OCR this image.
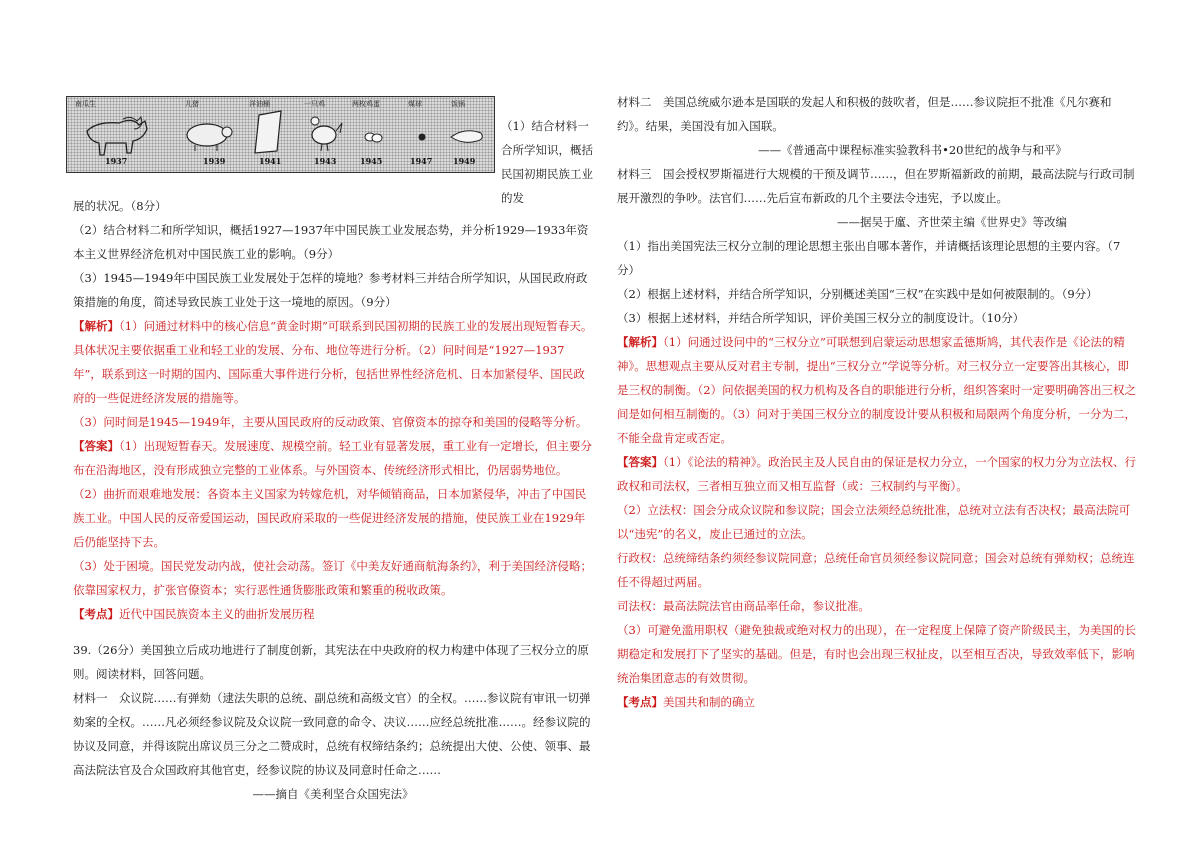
南瓜生
1937
儿猪
1939
洋油桶
1941
一只鸡
1943
两枚鸡蛋
1945
煤球
1947
饭锅
1949

（1）结合材料一合所学知识，概括民国初期民族工业的发

展的状况。（8分）

（2）结合材料二和所学知识，概括1927—1937年中国民族工业发展态势，并分析1929—1933年资本主义世界经济危机对中国民族工业的影响。（9分）

（3）1945—1949年中国民族工业发展处于怎样的境地？参考材料三并结合所学知识，从国民政府政策措施的角度，简述导致民族工业处于这一境地的原因。（9分）

【解析】（1）问通过材料中的核心信息“黄金时期”可联系到民国初期的民族工业的发展出现短暂春天。具体状况主要依据重工业和轻工业的发展、分布、地位等进行分析。（2）问时间是“1927—1937年”，联系到这一时期的国内、国际重大事件进行分析，包括世界性经济危机、日本加紧侵华、国民政府的一些促进经济发展的措施等。

（3）问时间是1945—1949年，主要从国民政府的反动政策、官僚资本的掠夺和美国的侵略等分析。

【答案】（1）出现短暂春天。发展速度、规模空前。轻工业有显著发展，重工业有一定增长，但主要分布在沿海地区，没有形成独立完整的工业体系。与外国资本、传统经济形式相比，仍居弱势地位。

（2）曲折而艰难地发展：各资本主义国家为转嫁危机，对华倾销商品，日本加紧侵华，冲击了中国民族工业。中国人民的反帝爱国运动，国民政府采取的一些促进经济发展的措施，使民族工业在1929年后仍能坚持下去。

（3）处于困境。国民党发动内战，使社会动荡。签订《中美友好通商航海条约》，利于美国经济侵略；依靠国家权力，扩张官僚资本；实行恶性通货膨胀政策和繁重的税收政策。

【考点】近代中国民族资本主义的曲折发展历程

39.（26分）美国独立后成功地进行了制度创新，其宪法在中央政府的权力构建中体现了三权分立的原则。阅读材料，回答问题。

材料一　众议院……有弹劾（逮法失职的总统、副总统和高级文官）的全权。……参议院有审讯一切弹劾案的全权。……凡必须经参议院及众议院一致同意的命令、决议……应经总统批准……。经参议院的协议及同意，并得该院出席议员三分之二赞成时，总统有权缔结条约；总统提出大使、公使、领事、最高法院法官及合众国政府其他官吏，经参议院的协议及同意时任命之……

——摘自《美利坚合众国宪法》

材料二　美国总统威尔逊本是国联的发起人和积极的鼓吹者，但是……参议院拒不批准《凡尔赛和约》。结果，美国没有加入国联。

——《普通高中课程标准实验教科书•20世纪的战争与和平》

材料三　国会授权罗斯福进行大规模的干预及调节……，但在罗斯福新政的前期，最高法院与行政司制展开激烈的争吵。法官们……先后宣布新政的几个主要法令违宪，予以废止。

——据吴于廑、齐世荣主编《世界史》等改编

（1）指出美国宪法三权分立制的理论思想主张出自哪本著作，并请概括该理论思想的主要内容。（7分）

（2）根据上述材料，并结合所学知识，分别概述美国“三权”在实践中是如何被限制的。（9分）

（3）根据上述材料，并结合所学知识，评价美国三权分立的制度设计。（10分）

【解析】（1）问通过设问中的“三权分立”可联想到启蒙运动思想家孟德斯鸠，其代表作是《论法的精神》。思想观点主要从反对君主专制，提出“三权分立”学说等分析。对三权分立一定要答出其核心，即是三权的制衡。（2）问依据美国的权力机构及各自的职能进行分析，组织答案时一定要明确答出三权之间是如何相互制衡的。（3）问对于美国三权分立的制度设计要从积极和局限两个角度分析，一分为二，不能全盘肯定或否定。

【答案】（1）《论法的精神》。政治民主及人民自由的保证是权力分立，一个国家的权力分为立法权、行政权和司法权，三者相互独立而又相互监督（或：三权制约与平衡）。

（2）立法权：国会分成众议院和参议院；国会立法须经总统批准，总统对立法有否决权；最高法院可以“违宪”的名义，废止已通过的立法。

行政权：总统缔结条约须经参议院同意；总统任命官员须经参议院同意；国会对总统有弹劾权；总统连任不得超过两届。

司法权：最高法院法官由商品率任命，参议批准。

（3）可避免滥用职权（避免独裁或绝对权力的出现），在一定程度上保障了资产阶级民主，为美国的长期稳定和发展打下了坚实的基础。但是，有时也会出现三权扯皮，以至相互否决，导致效率低下，影响统治集团意志的有效贯彻。

【考点】美国共和制的确立
